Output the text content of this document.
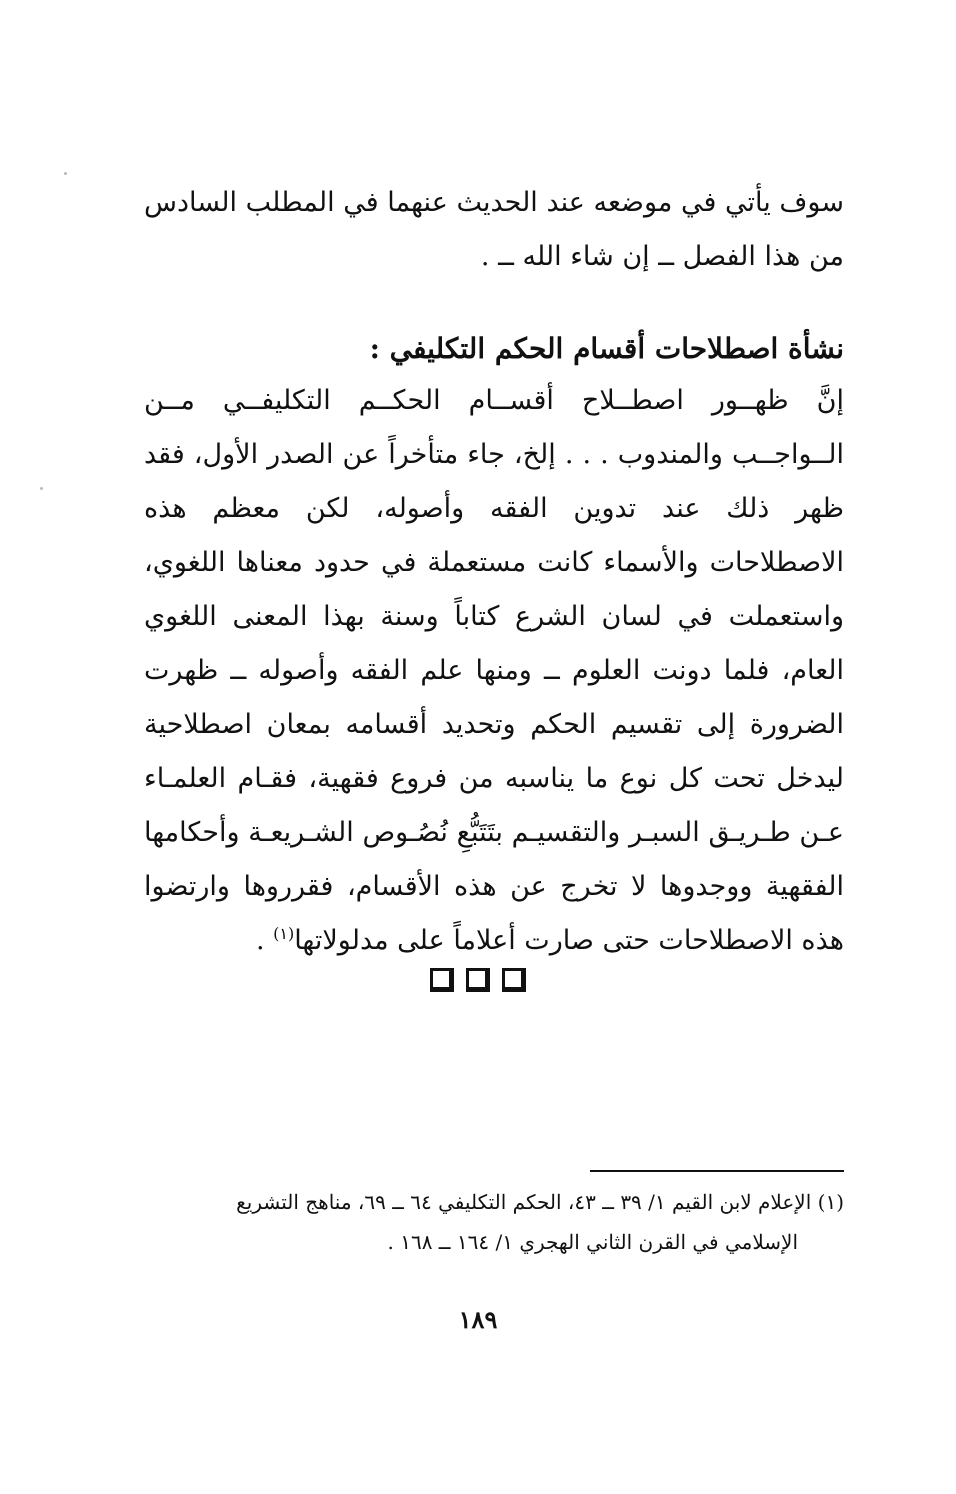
سوف يأتي في موضعه عند الحديث عنهما في المطلب السادس من هذا الفصل ــ إن شاء الله ــ .
نشأة اصطلاحات أقسام الحكم التكليفي :
إنَّ ظهــور اصطــلاح أقســام الحكــم التكليفــي مــن الــواجــب والمندوب . . . إلخ، جاء متأخراً عن الصدر الأول، فقد ظهر ذلك عند تدوين الفقه وأصوله، لكن معظم هذه الاصطلاحات والأسماء كانت مستعملة في حدود معناها اللغوي، واستعملت في لسان الشرع كتاباً وسنة بهذا المعنى اللغوي العام، فلما دونت العلوم ــ ومنها علم الفقه وأصوله ــ ظهرت الضرورة إلى تقسيم الحكم وتحديد أقسامه بمعان اصطلاحية ليدخل تحت كل نوع ما يناسبه من فروع فقهية، فقـام العلمـاء عـن طـريـق السبـر والتقسيـم بتَتَبُّعِ نُصُـوص الشـريعـة وأحكامها الفقهية ووجدوها لا تخرج عن هذه الأقسام، فقرروها وارتضوا هذه الاصطلاحات حتى صارت أعلاماً على مدلولاتها$^{(١)}$ .
(١) الإعلام لابن القيم ١/ ٣٩ ــ ٤٣، الحكم التكليفي ٦٤ ــ ٦٩، مناهج التشريع
الإسلامي في القرن الثاني الهجري ١/ ١٦٤ ــ ١٦٨ .
١٨٩
